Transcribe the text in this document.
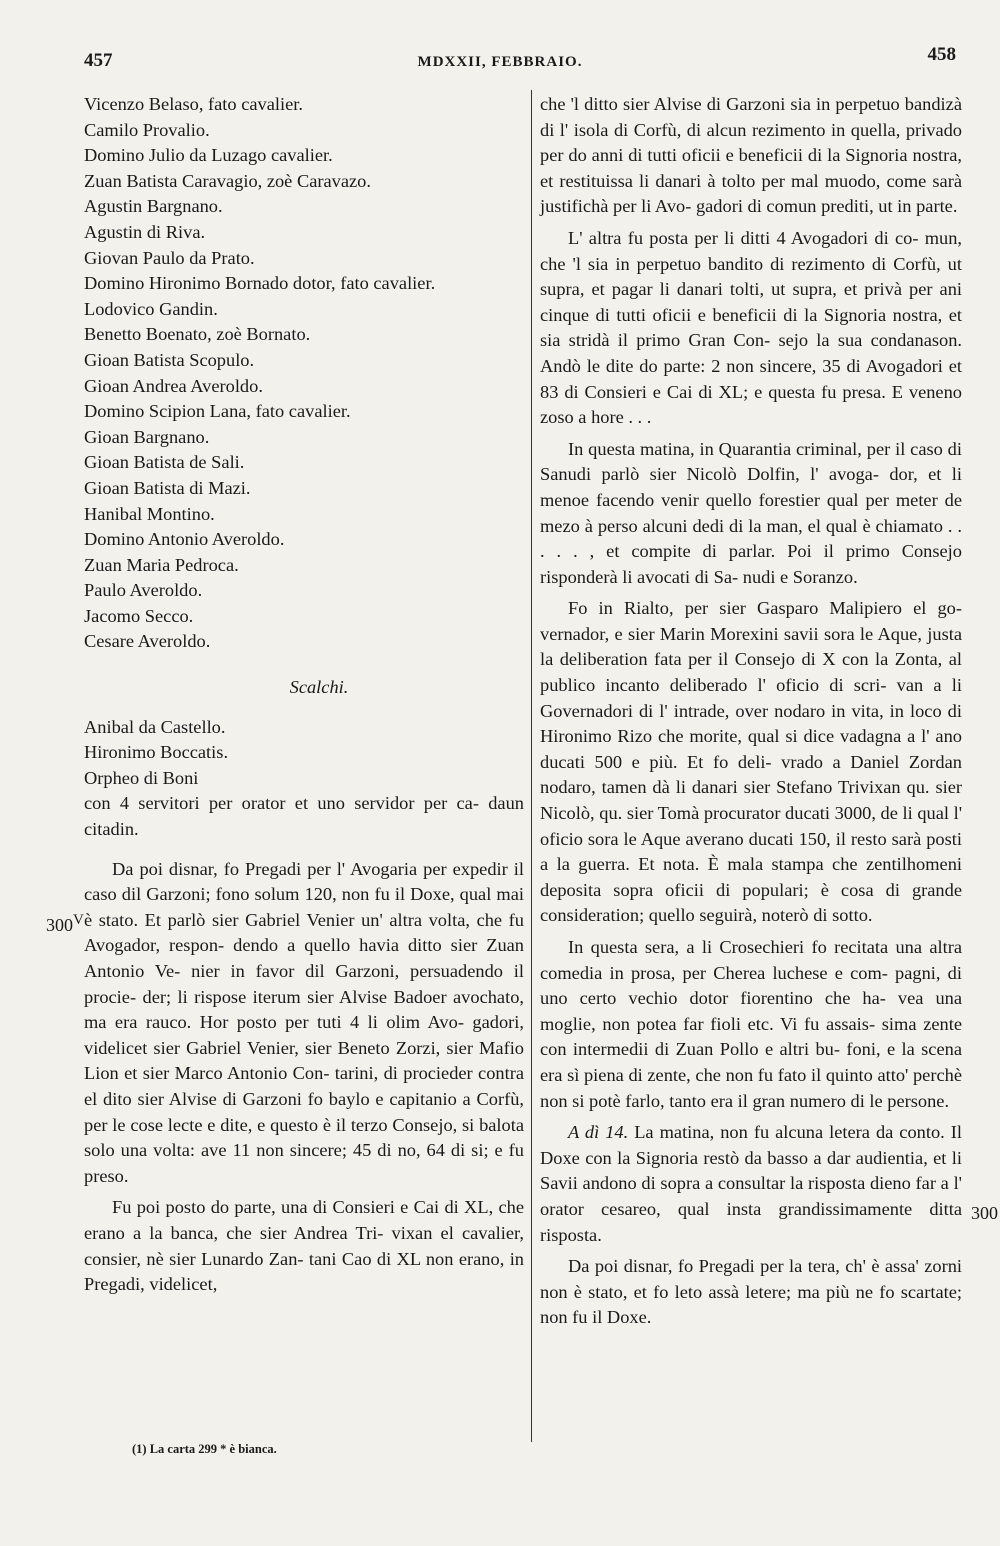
457	MDXXII, FEBBRAIO.	458
Vicenzo Belaso, fato cavalier.
Camilo Provalio.
Domino Julio da Luzago cavalier.
Zuan Batista Caravagio, zoè Caravazo.
Agustin Bargnano.
Agustin di Riva.
Giovan Paulo da Prato.
Domino Hironimo Bornado dotor, fato cavalier.
Lodovico Gandin.
Benetto Boenato, zoè Bornato.
Gioan Batista Scopulo.
Gioan Andrea Averoldo.
Domino Scipion Lana, fato cavalier.
Gioan Bargnano.
Gioan Batista de Sali.
Gioan Batista di Mazi.
Hanibal Montino.
Domino Antonio Averoldo.
Zuan Maria Pedroca.
Paulo Averoldo.
Jacomo Secco.
Cesare Averoldo.
Scalchi.
Anibal da Castello.
Hironimo Boccatis.
Orpheo di Boni

con 4 servitori per orator et uno servidor per ca- daun citadin.

Da poi disnar, fo Pregadi per l' Avogaria per expedir il caso dil Garzoni; fono solum 120, non fu il Doxe, qual mai è stato. Et parlò sier Gabriel Venier un' altra volta, che fu Avogador, respon- dendo a quello havia ditto sier Zuan Antonio Ve- nier in favor dil Garzoni, persuadendo il procie- der; li rispose iterum sier Alvise Badoer avochato, ma era rauco. Hor posto per tuti 4 li olim Avo- gadori, videlicet sier Gabriel Venier, sier Beneto Zorzi, sier Mafio Lion et sier Marco Antonio Con- tarini, di procieder contra el dito sier Alvise di Garzoni fo baylo e capitanio a Corfù, per le cose lecte e dite, e questo è il terzo Consejo, si balota solo una volta: ave 11 non sincere; 45 di no, 64 di si; e fu preso.

Fu poi posto do parte, una di Consieri e Cai di XL, che erano a la banca, che sier Andrea Tri- vixan el cavalier, consier, nè sier Lunardo Zan- tani Cao di XL non erano, in Pregadi, videlicet,

$300^V$
300

che 'l ditto sier Alvise di Garzoni sia in perpetuo bandizà di l' isola di Corfù, di alcun rezimento in quella, privado per do anni di tutti oficii e beneficii di la Signoria nostra, et restituissa li danari à tolto per mal muodo, come sarà justifichà per li Avo- gadori di comun prediti, ut in parte.

L' altra fu posta per li ditti 4 Avogadori di co- mun, che 'l sia in perpetuo bandito di rezimento di Corfù, ut supra, et pagar li danari tolti, ut supra, et privà per ani cinque di tutti oficii e beneficii di la Signoria nostra, et sia stridà il primo Gran Con- sejo la sua condanason. Andò le dite do parte: 2 non sincere, 35 di Avogadori et 83 di Consieri e Cai di XL; e questa fu presa. E veneno zoso a hore . . .

In questa matina, in Quarantia criminal, per il caso di Sanudi parlò sier Nicolò Dolfin, l' avoga- dor, et li menoe facendo venir quello forestier qual per meter de mezo à perso alcuni dedi di la man, el qual è chiamato . . . . . , et compite di parlar. Poi il primo Consejo risponderà li avocati di Sa- nudi e Soranzo.

Fo in Rialto, per sier Gasparo Malipiero el go- vernador, e sier Marin Morexini savii sora le Aque, justa la deliberation fata per il Consejo di X con la Zonta, al publico incanto deliberado l' oficio di scri- van a li Governadori di l' intrade, over nodaro in vita, in loco di Hironimo Rizo che morite, qual si dice vadagna a l' ano ducati 500 e più. Et fo deli- vrado a Daniel Zordan nodaro, tamen dà li danari sier Stefano Trivixan qu. sier Nicolò, qu. sier Tomà procurator ducati 3000, de li qual l' oficio sora le Aque averano ducati 150, il resto sarà posti a la guerra. Et nota. È mala stampa che zentilhomeni deposita sopra oficii di populari; è cosa di grande consideration; quello seguirà, noterò di sotto.

In questa sera, a li Crosechieri fo recitata una altra comedia in prosa, per Cherea luchese e com- pagni, di uno certo vechio dotor fiorentino che ha- vea una moglie, non potea far fioli etc. Vi fu assais- sima zente con intermedii di Zuan Pollo e altri bu- foni, e la scena era sì piena di zente, che non fu fato il quinto atto' perchè non si potè farlo, tanto era il gran numero di le persone.

A dì 14. La matina, non fu alcuna letera da conto. Il Doxe con la Signoria restò da basso a dar audientia, et li Savii andono di sopra a consultar la risposta dieno far a l' orator cesareo, qual insta grandissimamente ditta risposta.

Da poi disnar, fo Pregadi per la tera, ch' è assa' zorni non è stato, et fo leto assà letere; ma più ne fo scartate; non fu il Doxe.

(1) La carta 299 * è bianca.
